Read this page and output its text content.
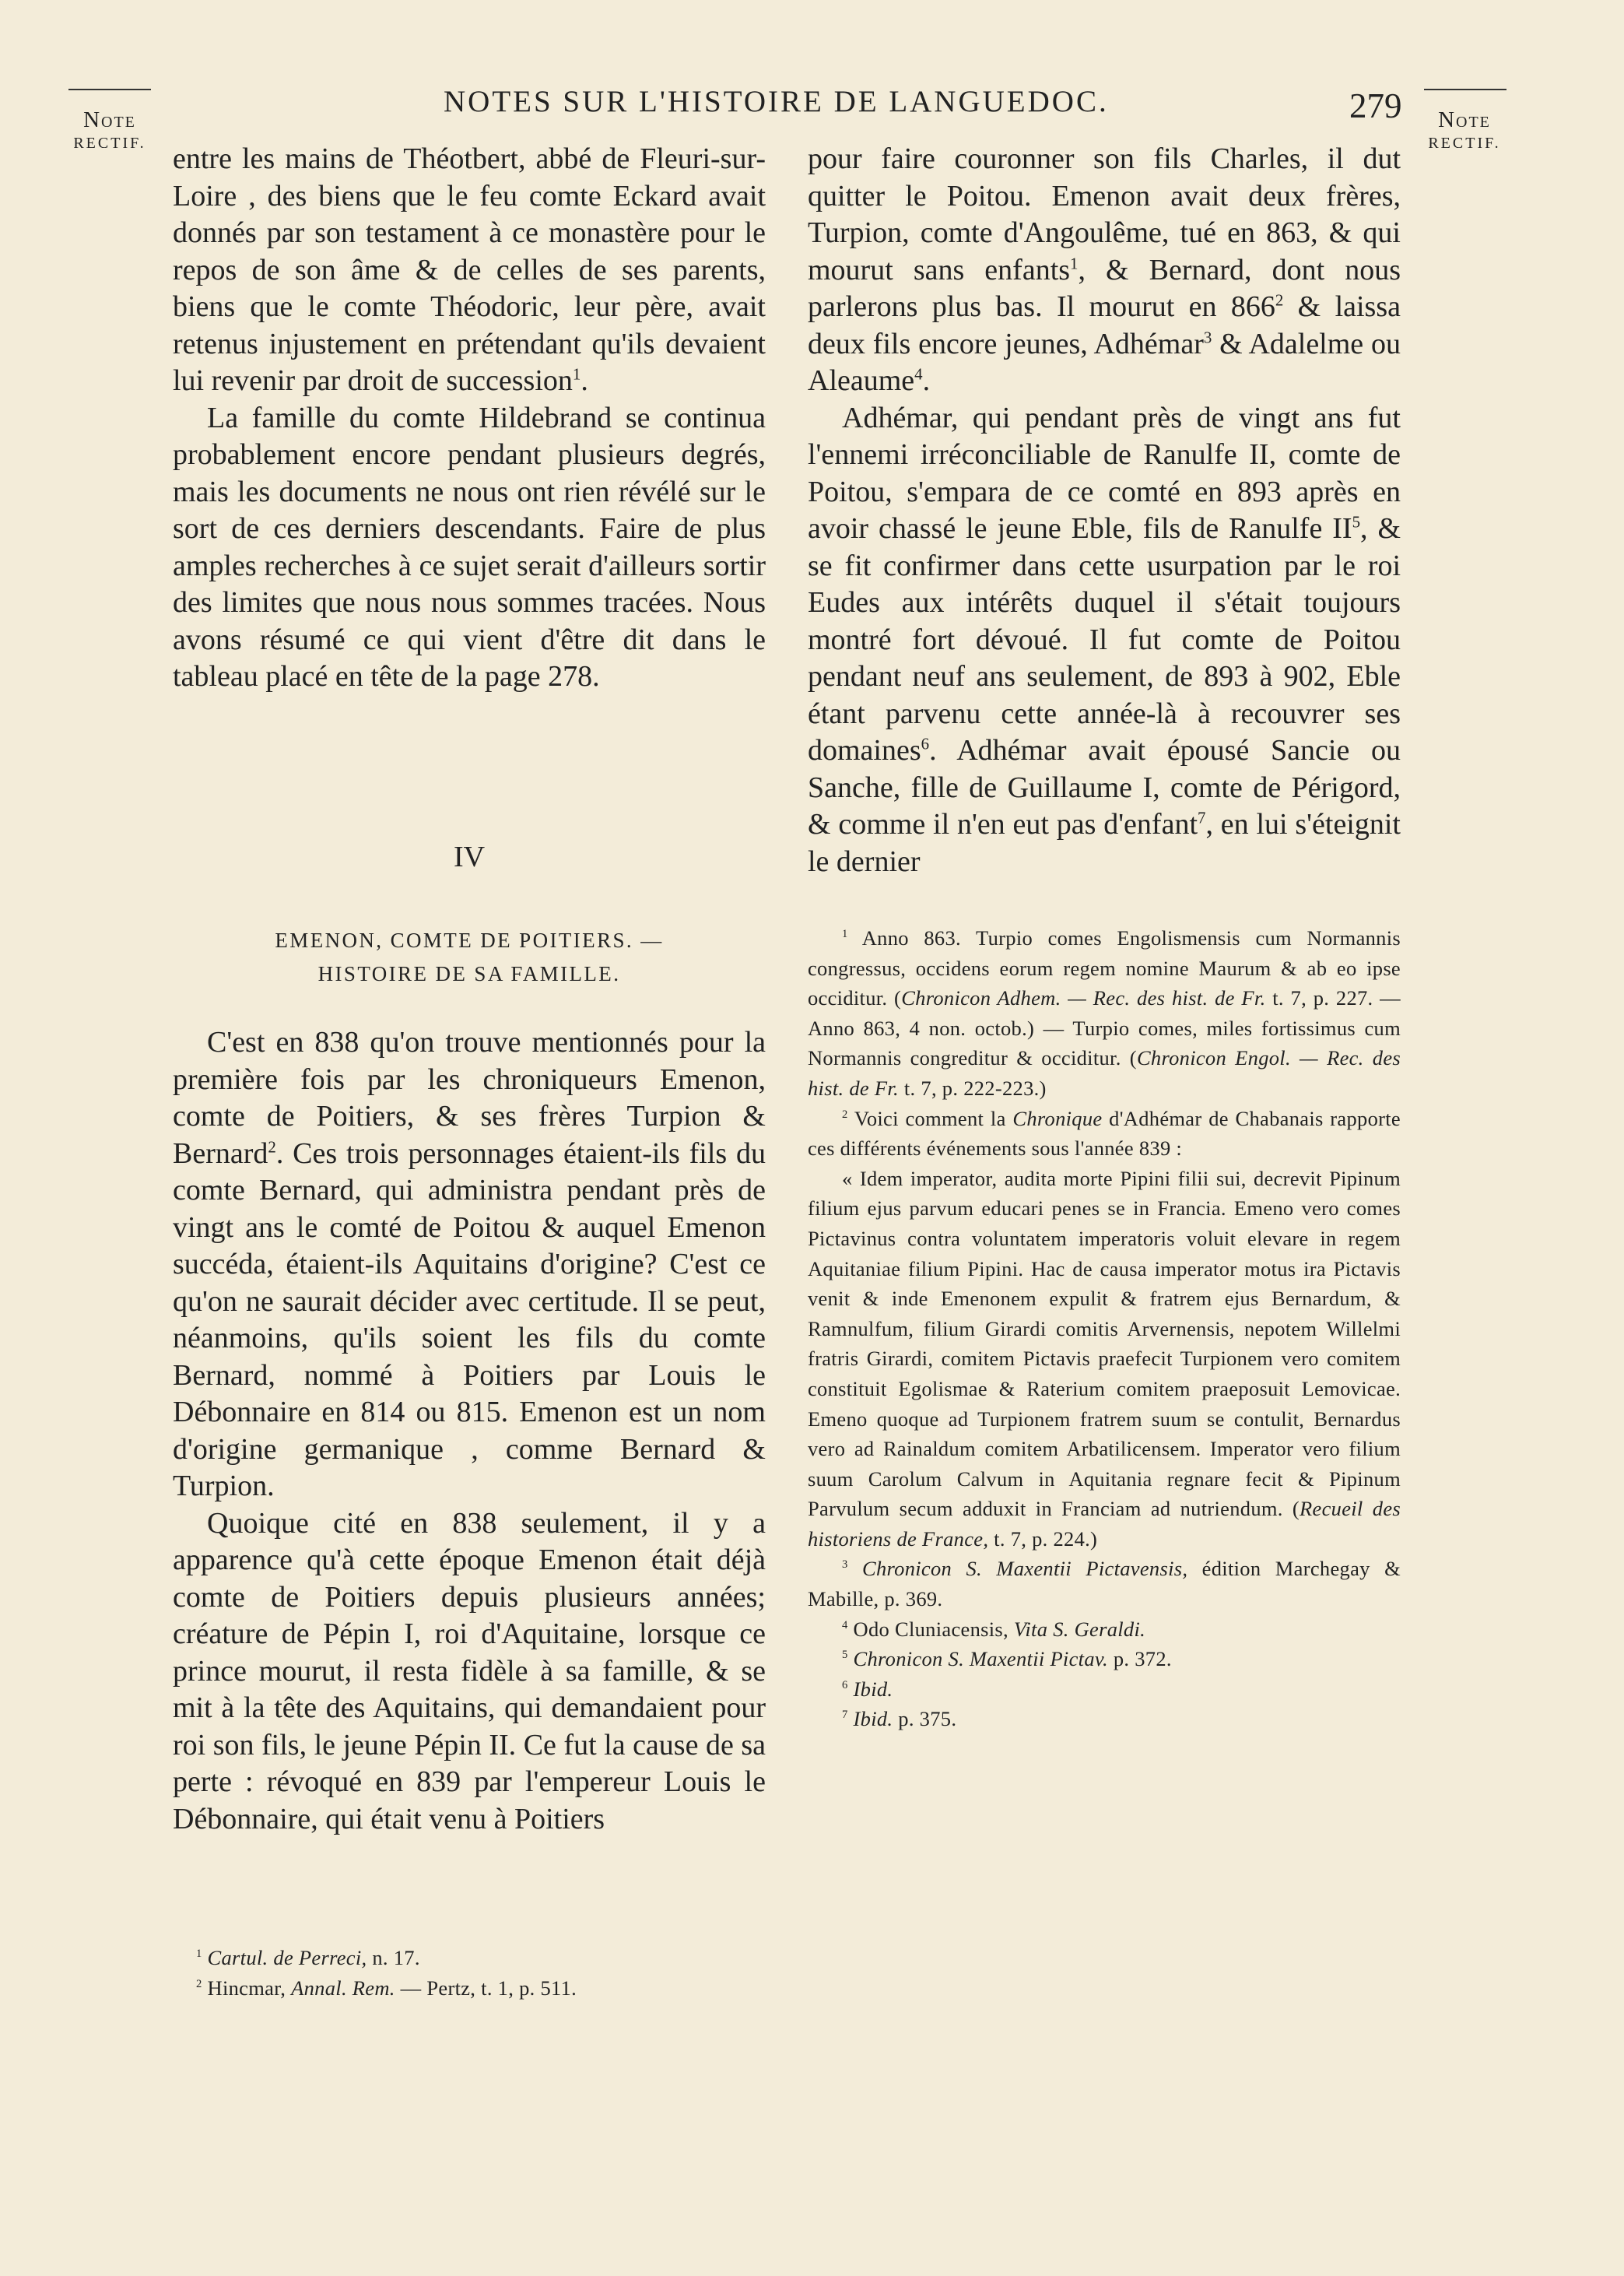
Note
RECTIF.
NOTES SUR L'HISTOIRE DE LANGUEDOC.	279	Note
RECTIF.

entre les mains de Théotbert, abbé de Fleuri-sur-Loire , des biens que le feu comte Eckard avait donnés par son testament à ce monastère pour le repos de son âme & de celles de ses parents, biens que le comte Théodoric, leur père, avait retenus injustement en prétendant qu'ils devaient lui revenir par droit de succession$^1$.

La famille du comte Hildebrand se continua probablement encore pendant plusieurs degrés, mais les documents ne nous ont rien révélé sur le sort de ces derniers descendants. Faire de plus amples recherches à ce sujet serait d'ailleurs sortir des limites que nous nous sommes tracées. Nous avons résumé ce qui vient d'être dit dans le tableau placé en tête de la page 278.

IV
EMENON, COMTE DE POITIERS. —
HISTOIRE DE SA FAMILLE.

C'est en 838 qu'on trouve mentionnés pour la première fois par les chroniqueurs Emenon, comte de Poitiers, & ses frères Turpion & Bernard$^2$. Ces trois personnages étaient-ils fils du comte Bernard, qui administra pendant près de vingt ans le comté de Poitou & auquel Emenon succéda, étaient-ils Aquitains d'origine? C'est ce qu'on ne saurait décider avec certitude. Il se peut, néanmoins, qu'ils soient les fils du comte Bernard, nommé à Poitiers par Louis le Débonnaire en 814 ou 815. Emenon est un nom d'origine germanique , comme Bernard & Turpion.

Quoique cité en 838 seulement, il y a apparence qu'à cette époque Emenon était déjà comte de Poitiers depuis plusieurs années; créature de Pépin I, roi d'Aquitaine, lorsque ce prince mourut, il resta fidèle à sa famille, & se mit à la tête des Aquitains, qui demandaient pour roi son fils, le jeune Pépin II. Ce fut la cause de sa perte : révoqué en 839 par l'empereur Louis le Débonnaire, qui était venu à Poitiers

$^1$ Cartul. de Perreci, n. 17.
$^2$ Hincmar, Annal. Rem. — Pertz, t. 1, p. 511.

pour faire couronner son fils Charles, il dut quitter le Poitou. Emenon avait deux frères, Turpion, comte d'Angoulême, tué en 863, & qui mourut sans enfants$^1$, & Bernard, dont nous parlerons plus bas. Il mourut en $866^2$ & laissa deux fils encore jeunes, Adhémar$^3$ & Adalelme ou Aleaume$^4$.

Adhémar, qui pendant près de vingt ans fut l'ennemi irréconciliable de Ranulfe II, comte de Poitou, s'empara de ce comté en 893 après en avoir chassé le jeune Eble, fils de Ranulfe $II^5$, & se fit confirmer dans cette usurpation par le roi Eudes aux intérêts duquel il s'était toujours montré fort dévoué. Il fut comte de Poitou pendant neuf ans seulement, de 893 à 902, Eble étant parvenu cette année-là à recouvrer ses domaines$^6$. Adhémar avait épousé Sancie ou Sanche, fille de Guillaume I, comte de Périgord, & comme il n'en eut pas d'enfant$^7$, en lui s'éteignit le dernier

$^1$ Anno 863. Turpio comes Engolismensis cum Normannis congressus, occidens eorum regem nomine Maurum & ab eo ipse occiditur. (Chronicon Adhem. — Rec. des hist. de Fr. t. 7, p. 227. — Anno 863, 4 non. octob.) — Turpio comes, miles fortissimus cum Normannis congreditur & occiditur. (Chronicon Engol. — Rec. des hist. de Fr. t. 7, p. 222-223.)

$^2$ Voici comment la Chronique d'Adhémar de Chabanais rapporte ces différents événements sous l'année 839 :

« Idem imperator, audita morte Pipini filii sui, decrevit Pipinum filium ejus parvum educari penes se in Francia. Emeno vero comes Pictavinus contra voluntatem imperatoris voluit elevare in regem Aquitaniae filium Pipini. Hac de causa imperator motus ira Pictavis venit & inde Emenonem expulit & fratrem ejus Bernardum, & Ramnulfum, filium Girardi comitis Arvernensis, nepotem Willelmi fratris Girardi, comitem Pictavis praefecit Turpionem vero comitem constituit Egolismae & Raterium comitem praeposuit Lemovicae. Emeno quoque ad Turpionem fratrem suum se contulit, Bernardus vero ad Rainaldum comitem Arbatilicensem. Imperator vero filium suum Carolum Calvum in Aquitania regnare fecit & Pipinum Parvulum secum adduxit in Franciam ad nutriendum. (Recueil des historiens de France, t. 7, p. 224.)

$^3$ Chronicon S. Maxentii Pictavensis, édition Marchegay & Mabille, p. 369.

$^4$ Odo Cluniacensis, Vita S. Geraldi.

$^5$ Chronicon S. Maxentii Pictav. p. 372.

$^6$ Ibid.

$^7$ Ibid. p. 375.
